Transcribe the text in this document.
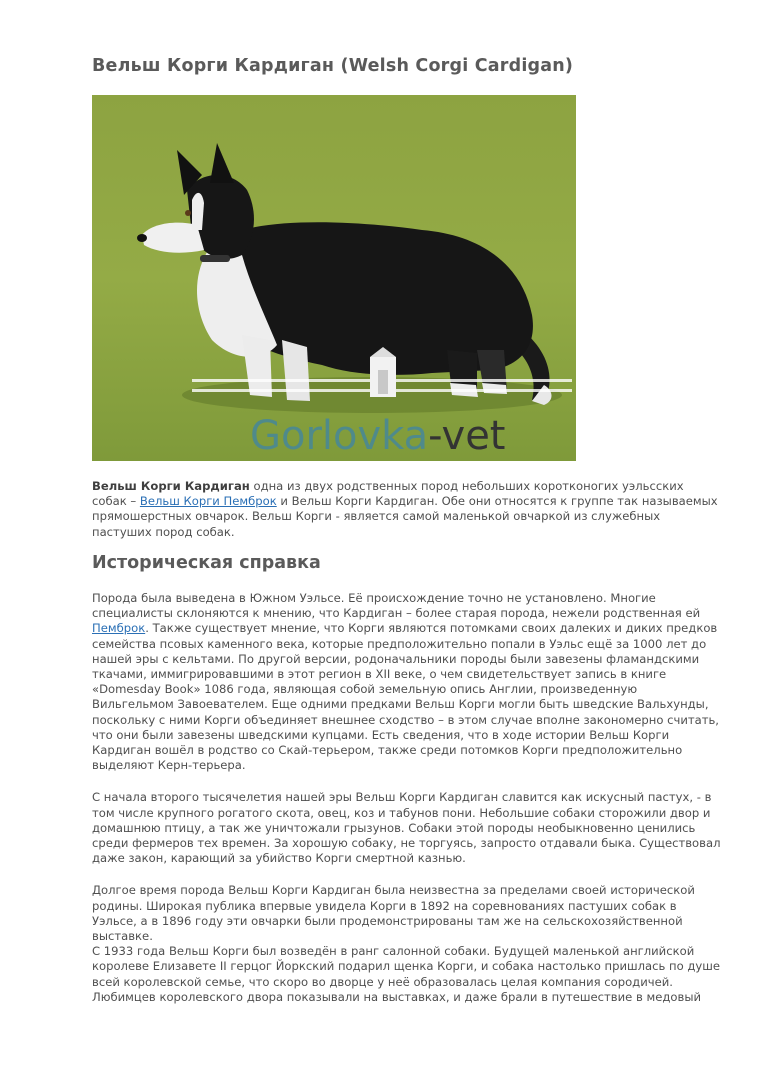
Вельш Корги Кардиган (Welsh Corgi Cardigan)
Gorlovka-vet
Вельш Корги Кардиган одна из двух родственных пород небольших коротконогих уэльсских собак – Вельш Корги Пемброк и Вельш Корги Кардиган. Обе они относятся к группе так называемых прямошерстных овчарок. Вельш Корги - является самой маленькой овчаркой из служебных пастуших пород собак.
Историческая справка

Порода была выведена в Южном Уэльсе. Её происхождение точно не установлено. Многие специалисты склоняются к мнению, что Кардиган – более старая порода, нежели родственная ей Пемброк. Также существует мнение, что Корги являются потомками своих далеких и диких предков семейства псовых каменного века, которые предположительно попали в Уэльс ещё за 1000 лет до нашей эры с кельтами. По другой версии, родоначальники породы были завезены фламандскими ткачами, иммигрировавшими в этот регион в XII веке, о чем свидетельствует запись в книге «Domesday Book» 1086 года, являющая собой земельную опись Англии, произведенную Вильгельмом Завоевателем. Еще одними предками Вельш Корги могли быть шведские Вальхунды, поскольку с ними Корги объединяет внешнее сходство – в этом случае вполне закономерно считать, что они были завезены шведскими купцами. Есть сведения, что в ходе истории Вельш Корги Кардиган вошёл в родство со Скай-терьером, также среди потомков Корги предположительно выделяют Керн-терьера.

С начала второго тысячелетия нашей эры Вельш Корги Кардиган славится как искусный пастух, - в том числе крупного рогатого скота, овец, коз и табунов пони. Небольшие собаки сторожили двор и домашнюю птицу, а так же уничтожали грызунов. Собаки этой породы необыкновенно ценились среди фермеров тех времен. За хорошую собаку, не торгуясь, запросто отдавали быка. Существовал даже закон, карающий за убийство Корги смертной казнью.

Долгое время порода Вельш Корги Кардиган была неизвестна за пределами своей исторической родины. Широкая публика впервые увидела Корги в 1892 на соревнованиях пастуших собак в Уэльсе, а в 1896 году эти овчарки были продемонстрированы там же на сельскохозяйственной выставке.

С 1933 года Вельш Корги был возведён в ранг салонной собаки. Будущей маленькой английской королеве Елизавете II герцог Йоркский подарил щенка Корги, и собака настолько пришлась по душе всей королевской семье, что скоро во дворце у неё образовалась целая компания сородичей. Любимцев королевского двора показывали на выставках, и даже брали в путешествие в медовый
